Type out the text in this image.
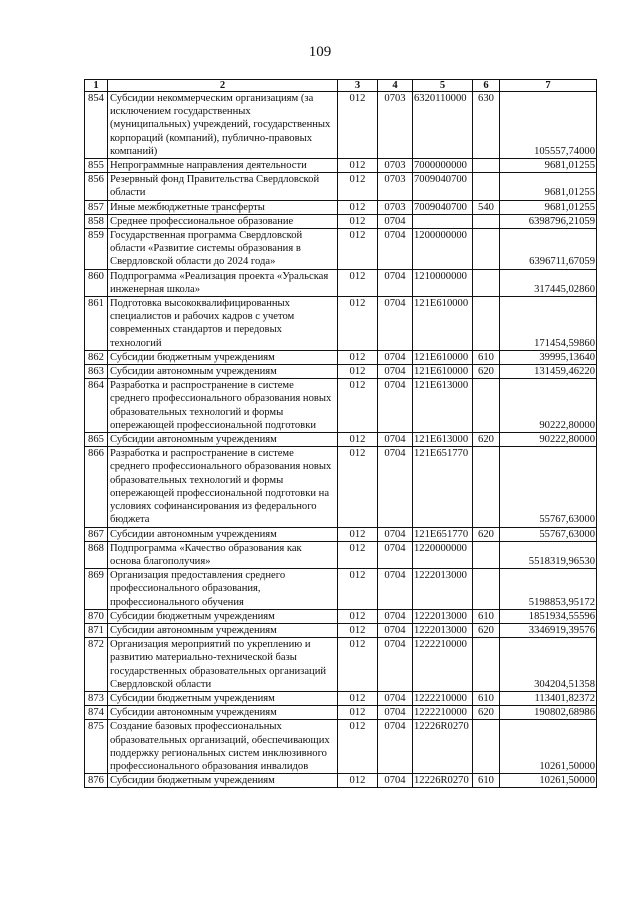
109
1	2	3	4	5	6	7
854	Субсидии некоммерческим организациям (за исключением государственных (муниципальных) учреждений, государственных корпораций (компаний), публично-правовых компаний)	012	0703	6320110000	630	105557,74000
855	Непрограммные направления деятельности	012	0703	7000000000		9681,01255
856	Резервный фонд Правительства Свердловской области	012	0703	7009040700		9681,01255
857	Иные межбюджетные трансферты	012	0703	7009040700	540	9681,01255
858	Среднее профессиональное образование	012	0704			6398796,21059
859	Государственная программа Свердловской области «Развитие системы образования в Свердловской области до 2024 года»	012	0704	1200000000		6396711,67059
860	Подпрограмма «Реализация проекта «Уральская инженерная школа»	012	0704	1210000000		317445,02860
861	Подготовка высококвалифицированных специалистов и рабочих кадров с учетом современных стандартов и передовых технологий	012	0704	121E610000		171454,59860
862	Субсидии бюджетным учреждениям	012	0704	121E610000	610	39995,13640
863	Субсидии автономным учреждениям	012	0704	121E610000	620	131459,46220
864	Разработка и распространение в системе среднего профессионального образования новых образовательных технологий и формы опережающей профессиональной подготовки	012	0704	121E613000		90222,80000
865	Субсидии автономным учреждениям	012	0704	121E613000	620	90222,80000
866	Разработка и распространение в системе среднего профессионального образования новых образовательных технологий и формы опережающей профессиональной подготовки на условиях софинансирования из федерального бюджета	012	0704	121E651770		55767,63000
867	Субсидии автономным учреждениям	012	0704	121E651770	620	55767,63000
868	Подпрограмма «Качество образования как основа благополучия»	012	0704	1220000000		5518319,96530
869	Организация предоставления среднего профессионального образования, профессионального обучения	012	0704	1222013000		5198853,95172
870	Субсидии бюджетным учреждениям	012	0704	1222013000	610	1851934,55596
871	Субсидии автономным учреждениям	012	0704	1222013000	620	3346919,39576
872	Организация мероприятий по укреплению и развитию материально-технической базы государственных образовательных организаций Свердловской области	012	0704	1222210000		304204,51358
873	Субсидии бюджетным учреждениям	012	0704	1222210000	610	113401,82372
874	Субсидии автономным учреждениям	012	0704	1222210000	620	190802,68986
875	Создание базовых профессиональных образовательных организаций, обеспечивающих поддержку региональных систем инклюзивного профессионального образования инвалидов	012	0704	12226R0270		10261,50000
876	Субсидии бюджетным учреждениям	012	0704	12226R0270	610	10261,50000
